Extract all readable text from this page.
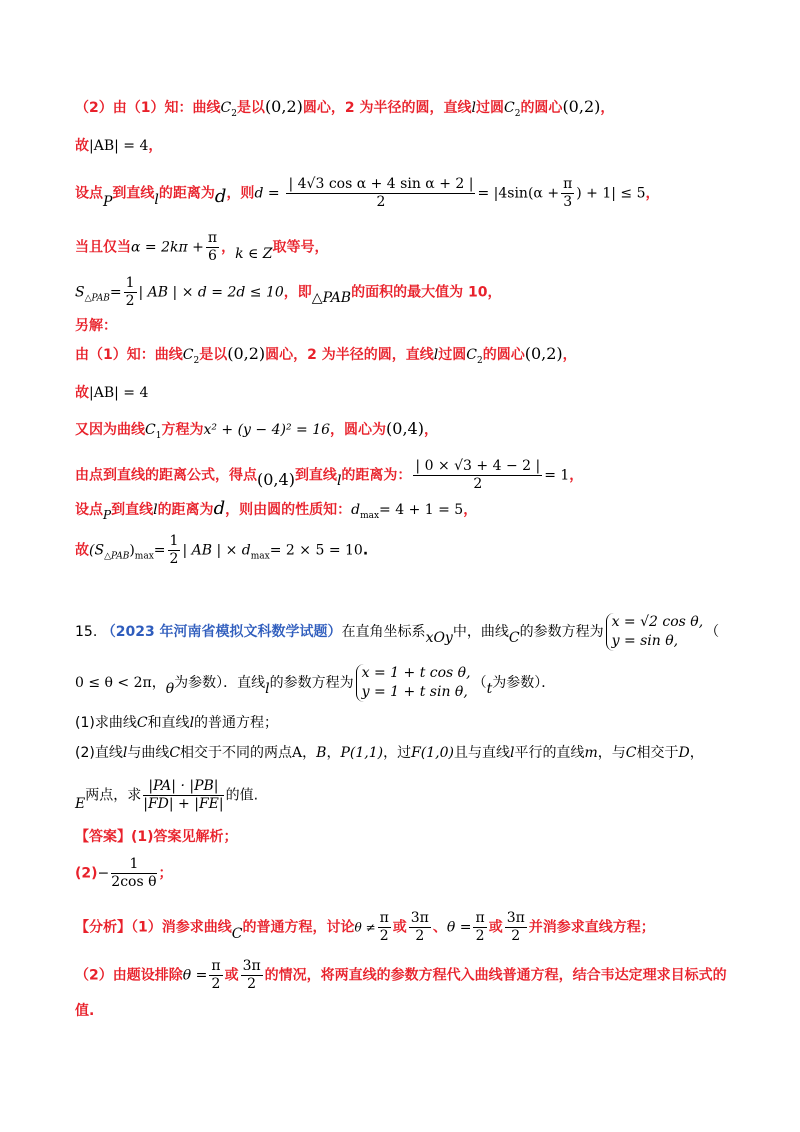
（2）由（1）知：曲线$C_2$是以(0,2)圆心，2 为半径的圆，直线l过圆$C_2$的圆心(0,2)，
故|AB| = 4，
设点P到直线l的距离为d，则$d = \frac{\text{| 4√3 cos α + 4 sin α + 2 |}}{2} = |4\sin(\alpha + \frac{\pi}{3}$ ) + 1| ≤ 5，
当且仅当$\alpha = 2k\pi + \frac{\pi}{6}$ ，k ∈ Z取等号，
$S_{\triangle PAB}= \frac{1}{2}$ | AB | × d = 2d ≤ 10，即△PAB的面积的最大值为 10，
另解：
由（1）知：曲线$C_2$是以(0,2)圆心，2 为半径的圆，直线l过圆$C_2$的圆心(0,2)，
故|AB| = 4
又因为曲线$C_1$方程为x² + (y − 4)² = 16，圆心为(0,4)，
由点到直线的距离公式，得点(0,4)到直线l的距离为： $\frac{| 0 \times √3 + 4 - 2 |}{2} = 1$，
设点P到直线l的距离为d，则由圆的性质知：$d_{max}= 4 + 1 = 5$，
故$(S_{\triangle PAB})_{max}= \frac{1}{2}$ | AB | × $d_{max}= 2 \times 5 = 10$.
15. （2023 年河南省模拟文科数学试题）在直角坐标系xOy中，曲线C的参数方程为
x = √2 cos θ,
y = sin θ,
（
0 ≤ θ < 2π，θ为参数）．直线l的参数方程为
x = 1 + t cos θ,
y = 1 + t sin θ,
（t为参数）．
(1)求曲线C和直线l的普通方程；
(2)直线l与曲线C相交于不同的两点A，B，P(1,1)，过F(1,0)且与直线l平行的直线m，与C相交于D，
E两点，求 $\frac{|PA| \cdot |PB|}{|FD| + |FE|}$ 的值.
【答案】(1)答案见解析；
$(2)- \frac{1}{\text{2cos θ}}$ ；
【分析】（1）消参求曲线C的普通方程，讨论$\theta \ne \frac{\pi}{2}$ 或 $\frac{3\pi}{2}$ 、$\theta = \frac{\pi}{2}$ 或 $\frac{3\pi}{2}$ 并消参求直线方程；
（2）由题设排除$\theta = \frac{\pi}{2}$ 或 $\frac{3\pi}{2}$ 的情况，将两直线的参数方程代入曲线普通方程，结合韦达定理求目标式的
值.
